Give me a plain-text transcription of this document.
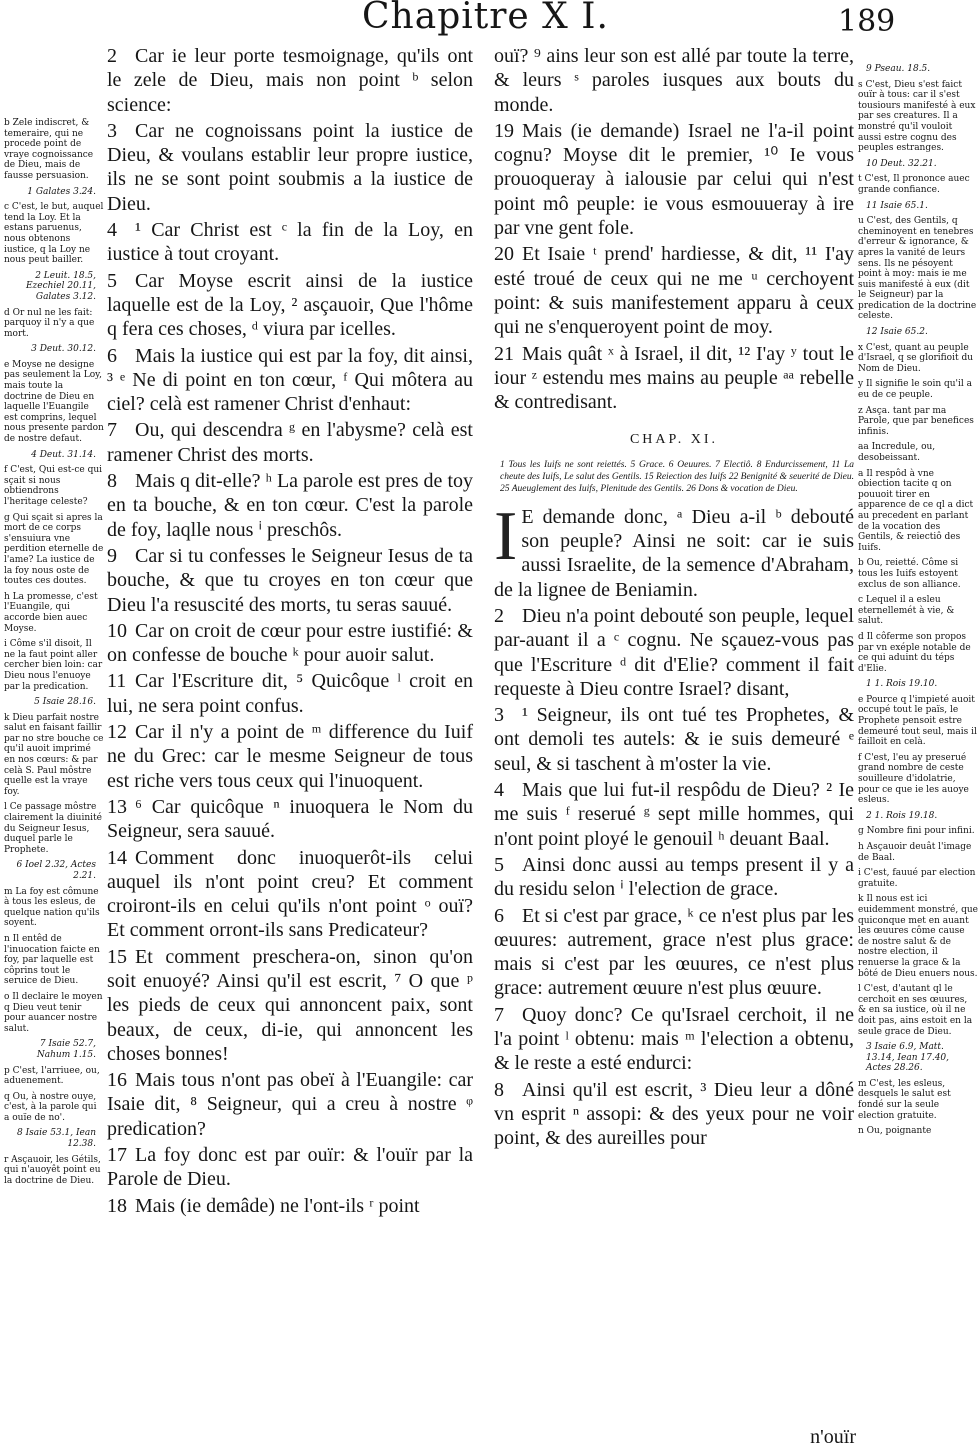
Chapitre X I.	189

b Zele indiscret, & temeraire, qui ne procede point de vraye cognoissance de Dieu, mais de fausse persuasion.

1 Galates 3.24.

c C'est, le but, auquel tend la Loy. Et la estans paruenus, nous obtenons iustice, q la Loy ne nous peut bailler.

2 Leuit. 18.5, Ezechiel 20.11, Galates 3.12.

d Or nul ne les fait: parquoy il n'y a que mort.

3 Deut. 30.12.

e Moyse ne designe pas seulement la Loy, mais toute la doctrine de Dieu en laquelle l'Euangile est comprins, lequel nous presente pardon de nostre defaut.

4 Deut. 31.14.

f C'est, Qui est-ce qui sçait si nous obtiendrons l'heritage celeste?

g Qui sçait si apres la mort de ce corps s'ensuiura vne perdition eternelle de l'ame? La iustice de la foy nous oste de toutes ces doutes.

h La promesse, c'est l'Euangile, qui accorde bien auec Moyse.

i Côme s'il disoit, Il ne la faut point aller cercher bien loin: car Dieu nous l'enuoye par la predication.

5 Isaie 28.16.

k Dieu parfait nostre salut en faisant faillir par no stre bouche ce qu'il auoit imprimé en nos cœurs: & par celà S. Paul môstre quelle est la vraye foy.

l Ce passage môstre clairement la diuinité du Seigneur Iesus, duquel parle le Prophete.

6 Ioel 2.32, Actes 2.21.

m La foy est cômune à tous les esleus, de quelque nation qu'ils soyent.

n Il entêd de l'inuocation faicte en foy, par laquelle est côprins tout le seruice de Dieu.

o Il declaire le moyen q Dieu veut tenir pour auancer nostre salut.

7 Isaie 52.7, Nahum 1.15.

p C'est, l'arriuee, ou, aduenement.

q Ou, à nostre ouye, c'est, à la parole qui a ouïe de no'.

8 Isaie 53.1, Iean 12.38.

r Asçauoir, les Gétils, qui n'auoyêt point eu la doctrine de Dieu.

9 Pseau. 18.5.

s C'est, Dieu s'est faict ouïr à tous: car il s'est tousiours manifesté à eux par ses creatures. Il a monstré qu'il vouloit aussi estre cognu des peuples estranges.

10 Deut. 32.21.

t C'est, Il prononce auec grande confiance.

11 Isaie 65.1.

u C'est, des Gentils, q cheminoyent en tenebres d'erreur & ignorance, & apres la vanité de leurs sens. Ils ne pésoyent point à moy: mais ie me suis manifesté à eux (dit le Seigneur) par la predication de la doctrine celeste.

12 Isaie 65.2.

x C'est, quant au peuple d'Israel, q se glorifioit du Nom de Dieu.

y Il signifie le soin qu'il a eu de ce peuple.

z Asça. tant par ma Parole, que par benefices infinis.

aa Incredule, ou, desobeissant.

a Il respôd à vne obiection tacite q on pouuoit tirer en apparence de ce ql a dict au precedent en parlant de la vocation des Gentils, & reiectiô des Iuifs.

b Ou, reietté. Côme si tous les Iuifs estoyent exclus de son alliance.

c Lequel il a esleu eternellemét à vie, & salut.

d Il côferme son propos par vn exéple notable de ce qui aduint du téps d'Elie.

1 1. Rois 19.10.

e Pource q l'impieté auoit occupé tout le païs, le Prophete pensoit estre demeuré tout seul, mais il failloit en celà.

f C'est, l'eu ay preserué grand nombre de ceste souilleure d'idolatrie, pour ce que ie les auoye esleus.

2 1. Rois 19.18.

g Nombre fini pour infini.

h Asçauoir deuât l'image de Baal.

i C'est, fauué par election gratuite.

k Il nous est ici euidemment monstré, que quiconque met en auant les œuures côme cause de nostre salut & de nostre election, il renuerse la grace & la bôté de Dieu enuers nous.

l C'est, d'autant ql le cerchoit en ses œuures, & en sa iustice, où il ne doit pas, ains estoit en la seule grace de Dieu.

3 Isaie 6.9, Matt. 13.14, Iean 17.40, Actes 28.26.

m C'est, les esleus, desquels le salut est fondé sur la seule election gratuite.

n Ou, poignante

2 Car ie leur porte tesmoignage, qu'ils ont le zele de Dieu, mais non point ᵇ selon science:

3 Car ne cognoissans point la iustice de Dieu, & voulans establir leur propre iustice, ils ne se sont point soubmis a la iustice de Dieu.

4 ¹ Car Christ est ᶜ la fin de la Loy, en iustice à tout croyant.

5 Car Moyse escrit ainsi de la iustice laquelle est de la Loy, ² asçauoir, Que l'hôme q fera ces choses, ᵈ viura par icelles.

6 Mais la iustice qui est par la foy, dit ainsi, ³ ᵉ Ne di point en ton cœur, ᶠ Qui môtera au ciel? celà est ramener Christ d'enhaut:

7 Ou, qui descendra ᵍ en l'abysme? celà est ramener Christ des morts.

8 Mais q dit-elle? ʰ La parole est pres de toy en ta bouche, & en ton cœur. C'est la parole de foy, laqlle nous ⁱ preschôs.

9 Car si tu confesses le Seigneur Iesus de ta bouche, & que tu croyes en ton cœur que Dieu l'a resuscité des morts, tu seras sauué.

10 Car on croit de cœur pour estre iustifié: & on confesse de bouche ᵏ pour auoir salut.

11 Car l'Escriture dit, ⁵ Quicôque ˡ croit en lui, ne sera point confus.

12 Car il n'y a point de ᵐ difference du Iuif ne du Grec: car le mesme Seigneur de tous est riche vers tous ceux qui l'inuoquent.

13 ⁶ Car quicôque ⁿ inuoquera le Nom du Seigneur, sera sauué.

14 Comment donc inuoquerôt-ils celui auquel ils n'ont point creu? Et comment croiront-ils en celui qu'ils n'ont point ᵒ ouï? Et comment orront-ils sans Predicateur?

15 Et comment preschera-on, sinon qu'on soit enuoyé? Ainsi qu'il est escrit, ⁷ O que ᵖ les pieds de ceux qui annoncent paix, sont beaux, de ceux, di-ie, qui annoncent les choses bonnes!

16 Mais tous n'ont pas obeï à l'Euangile: car Isaie dit, ⁸ Seigneur, qui a creu à nostre ᵠ predication?

17 La foy donc est par ouïr: & l'ouïr par la Parole de Dieu.

18 Mais (ie demâde) ne l'ont-ils ʳ point

ouï? ⁹ ains leur son est allé par toute la terre, & leurs ˢ paroles iusques aux bouts du monde.

19 Mais (ie demande) Israel ne l'a-il point cognu? Moyse dit le premier, ¹⁰ Ie vous prouoqueray à ialousie par celui qui n'est point mô peuple: ie vous esmouueray à ire par vne gent fole.

20 Et Isaie ᵗ prend' hardiesse, & dit, ¹¹ I'ay esté troué de ceux qui ne me ᵘ cerchoyent point: & suis manifestement apparu à ceux qui ne s'enqueroyent point de moy.

21 Mais quât ˣ à Israel, il dit, ¹² I'ay ʸ tout le iour ᶻ estendu mes mains au peuple ᵃᵃ rebelle & contredisant.

CHAP. XI.
1 Tous les Iuifs ne sont reiettés. 5 Grace. 6 Oeuures. 7 Electiô. 8 Endurcissement, 11 La cheute des Iuifs, Le salut des Gentils. 15 Reiection des Iuifs 22 Benignité & seuerité de Dieu. 25 Aueuglement des Iuifs, Plenitude des Gentils. 26 Dons & vocation de Dieu.
I E demande donc, ᵃ Dieu a-il ᵇ debouté son peuple? Ainsi ne soit: car ie suis aussi Israelite, de la semence d'Abraham, de la lignee de Beniamin.

2 Dieu n'a point debouté son peuple, lequel par-auant il a ᶜ cognu. Ne sçauez-vous pas que l'Escriture ᵈ dit d'Elie? comment il fait requeste à Dieu contre Israel? disant,

3 ¹ Seigneur, ils ont tué tes Prophetes, & ont demoli tes autels: & ie suis demeuré ᵉ seul, & si taschent à m'oster la vie.

4 Mais que lui fut-il respôdu de Dieu? ² Ie me suis ᶠ reserué ᵍ sept mille hommes, qui n'ont point ployé le genouil ʰ deuant Baal.

5 Ainsi donc aussi au temps present il y a du residu selon ⁱ l'election de grace.

6 Et si c'est par grace, ᵏ ce n'est plus par les œuures: autrement, grace n'est plus grace: mais si c'est par les œuures, ce n'est plus grace: autrement œuure n'est plus œuure.

7 Quoy donc? Ce qu'Israel cerchoit, il ne l'a point ˡ obtenu: mais ᵐ l'election a obtenu, & le reste a esté endurci:

8 Ainsi qu'il est escrit, ³ Dieu leur a dôné vn esprit ⁿ assopi: & des yeux pour ne voir point, & des aureilles pour

n'ouïr
